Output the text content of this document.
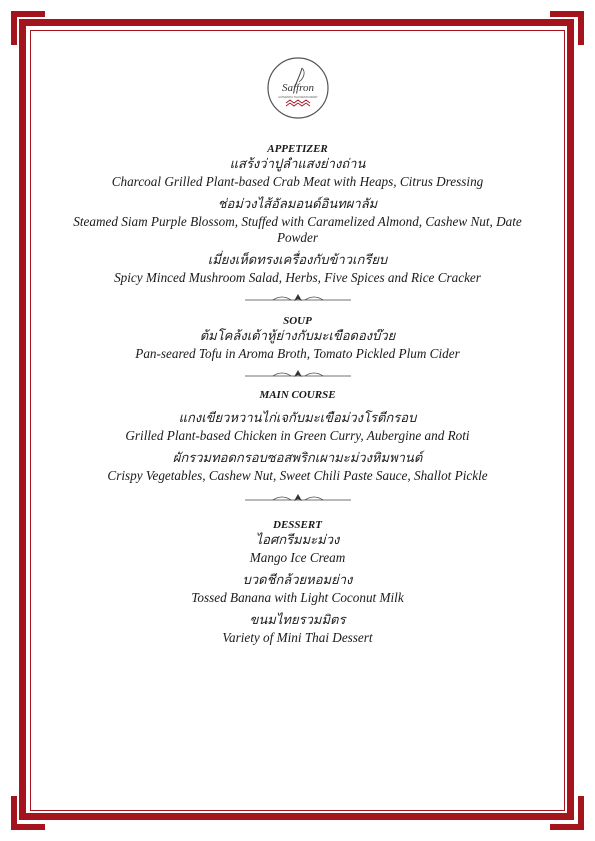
Saffron
AUTHENTIC THAI RESTAURANT

APPETIZER

แสร้งว่าปูลำแสงย่างถ่าน

Charcoal Grilled Plant-based Crab Meat with Heaps, Citrus Dressing

ช่อม่วงไส้อัลมอนด์อินทผาลัม

Steamed Siam Purple Blossom, Stuffed with Caramelized Almond, Cashew Nut, Date Powder

เมี่ยงเห็ดทรงเครื่องกับข้าวเกรียบ

Spicy Minced Mushroom Salad, Herbs, Five Spices and Rice Cracker

SOUP

ต้มโคล้งเต้าหู้ย่างกับมะเขือดองบ๊วย

Pan-seared Tofu in Aroma Broth, Tomato Pickled Plum Cider

MAIN COURSE

แกงเขียวหวานไก่เจกับมะเขือม่วงโรตีกรอบ

Grilled Plant-based Chicken in Green Curry, Aubergine and Roti

ผักรวมทอดกรอบซอสพริกเผามะม่วงหิมพานต์

Crispy Vegetables, Cashew Nut, Sweet Chili Paste Sauce, Shallot Pickle

DESSERT

ไอศกรีมมะม่วง

Mango Ice Cream

บวดชีกล้วยหอมย่าง

Tossed Banana with Light Coconut Milk

ขนมไทยรวมมิตร

Variety of Mini Thai Dessert
